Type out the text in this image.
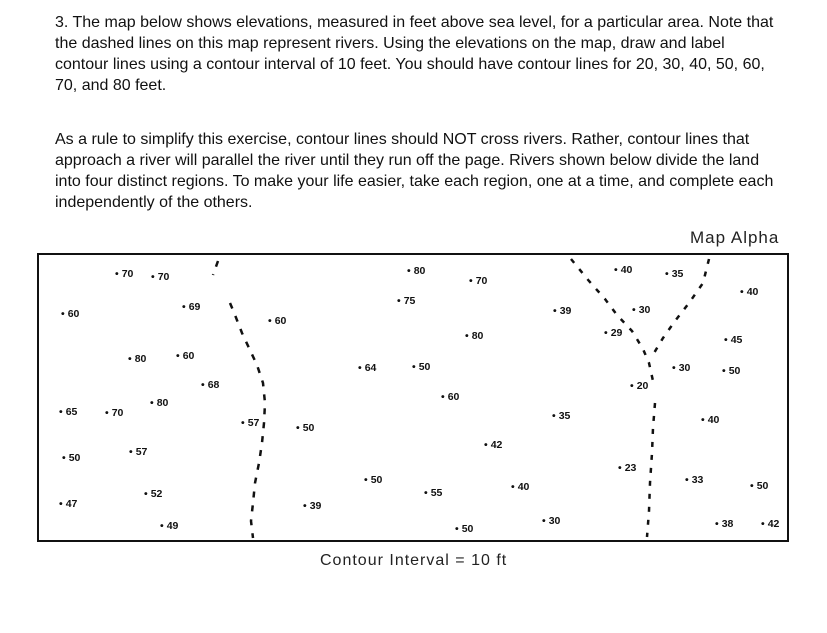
3. The map below shows elevations, measured in feet above sea level, for a particular area. Note that the dashed lines on this map represent rivers. Using the elevations on the map, draw and label contour lines using a contour interval of 10 feet. You should have contour lines for 20, 30, 40, 50, 60, 70, and 80 feet.

As a rule to simplify this exercise, contour lines should NOT cross rivers. Rather, contour lines that approach a river will parallel the river until they run off the page. Rivers shown below divide the land into four distinct regions. To make your life easier, take each region, one at a time, and complete each independently of the others.

Map Alpha
• 70	• 70	• 80
• 75
• 70
• 40	• 35
• 40
• 60
• 69
• 60
• 39	• 30
• 29
• 45
• 80
• 80	• 60
• 64	• 50	• 30	• 50
• 68	• 20
• 80	• 60
• 65	• 70
• 57	• 50
• 35	• 40
• 42
• 50	• 57
• 23
• 33
• 50
• 52
• 50
• 55	• 40
• 47	• 39
• 30
• 49	• 50	• 38	• 42
Contour Interval = 10 ft
